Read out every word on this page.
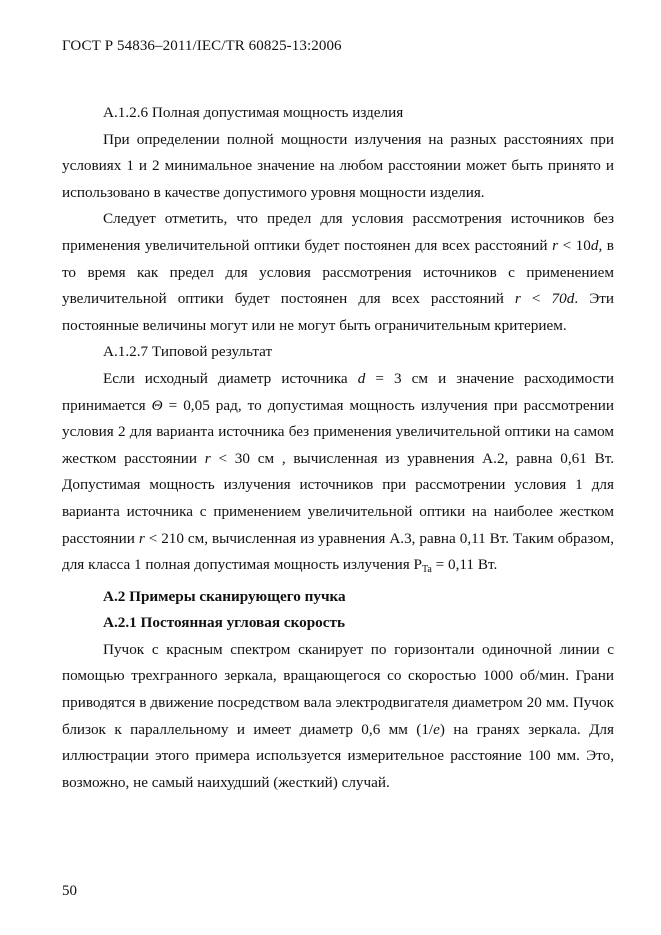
ГОСТ Р 54836–2011/IEC/TR 60825-13:2006

А.1.2.6 Полная допустимая мощность изделия

При определении полной мощности излучения на разных расстояниях при условиях 1 и 2 минимальное значение на любом расстоянии может быть принято и использовано в качестве допустимого уровня мощности изделия.

Следует отметить, что предел для условия рассмотрения источников без применения увеличительной оптики будет постоянен для всех расстояний r < 10d, в то время как предел для условия рассмотрения источников с применением увеличительной оптики будет постоянен для всех расстояний r < 70d. Эти постоянные величины могут или не могут быть ограничительным критерием.

А.1.2.7 Типовой результат

Если исходный диаметр источника d = 3 см и значение расходимости принимается Θ = 0,05 рад, то допустимая мощность излучения при рассмотрении условия 2 для варианта источника без применения увеличительной оптики на самом жестком расстоянии r < 30 см , вычисленная из уравнения А.2, равна 0,61 Вт. Допустимая мощность излучения источников при рассмотрении условия 1 для варианта источника с применением увеличительной оптики на наиболее жестком расстоянии r < 210 см, вычисленная из уравнения А.3, равна 0,11 Вт. Таким образом, для класса 1 полная допустимая мощность излучения $P_{Ta} = 0,11$ Вт.

А.2 Примеры сканирующего пучка

А.2.1 Постоянная угловая скорость

Пучок с красным спектром сканирует по горизонтали одиночной линии с помощью трехгранного зеркала, вращающегося со скоростью 1000 об/мин. Грани приводятся в движение посредством вала электродвигателя диаметром 20 мм. Пучок близок к параллельному и имеет диаметр 0,6 мм (1/e) на гранях зеркала. Для иллюстрации этого примера используется измерительное расстояние 100 мм. Это, возможно, не самый наихудший (жесткий) случай.

50
